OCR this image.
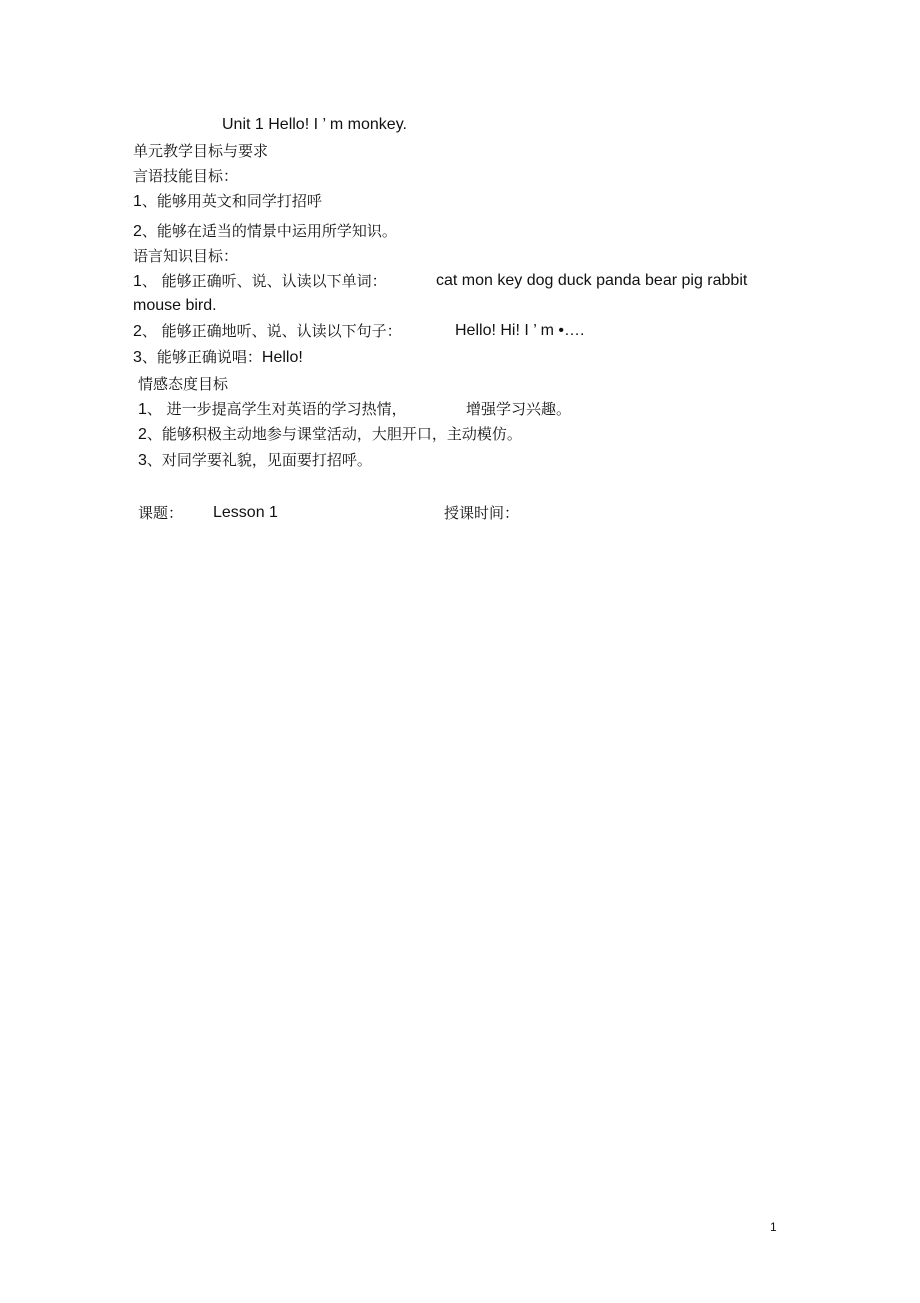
Unit 1 Hello! I ’ m monkey.
单元教学目标与要求
言语技能目标：
1、能够用英文和同学打招呼
2、能够在适当的情景中运用所学知识。
语言知识目标：
1、 能够正确听、说、认读以下单词：	cat mon key dog duck panda bear pig rabbit
mouse bird.
2、 能够正确地听、说、认读以下句子：	Hello! Hi! I ’ m •….
3、能够正确说唱：Hello!
情感态度目标
1、 进一步提高学生对英语的学习热情，	增强学习兴趣。
2、能够积极主动地参与课堂活动，大胆开口，主动模仿。
3、对同学要礼貌，见面要打招呼。
课题： Lesson 1	授课时间：
1
